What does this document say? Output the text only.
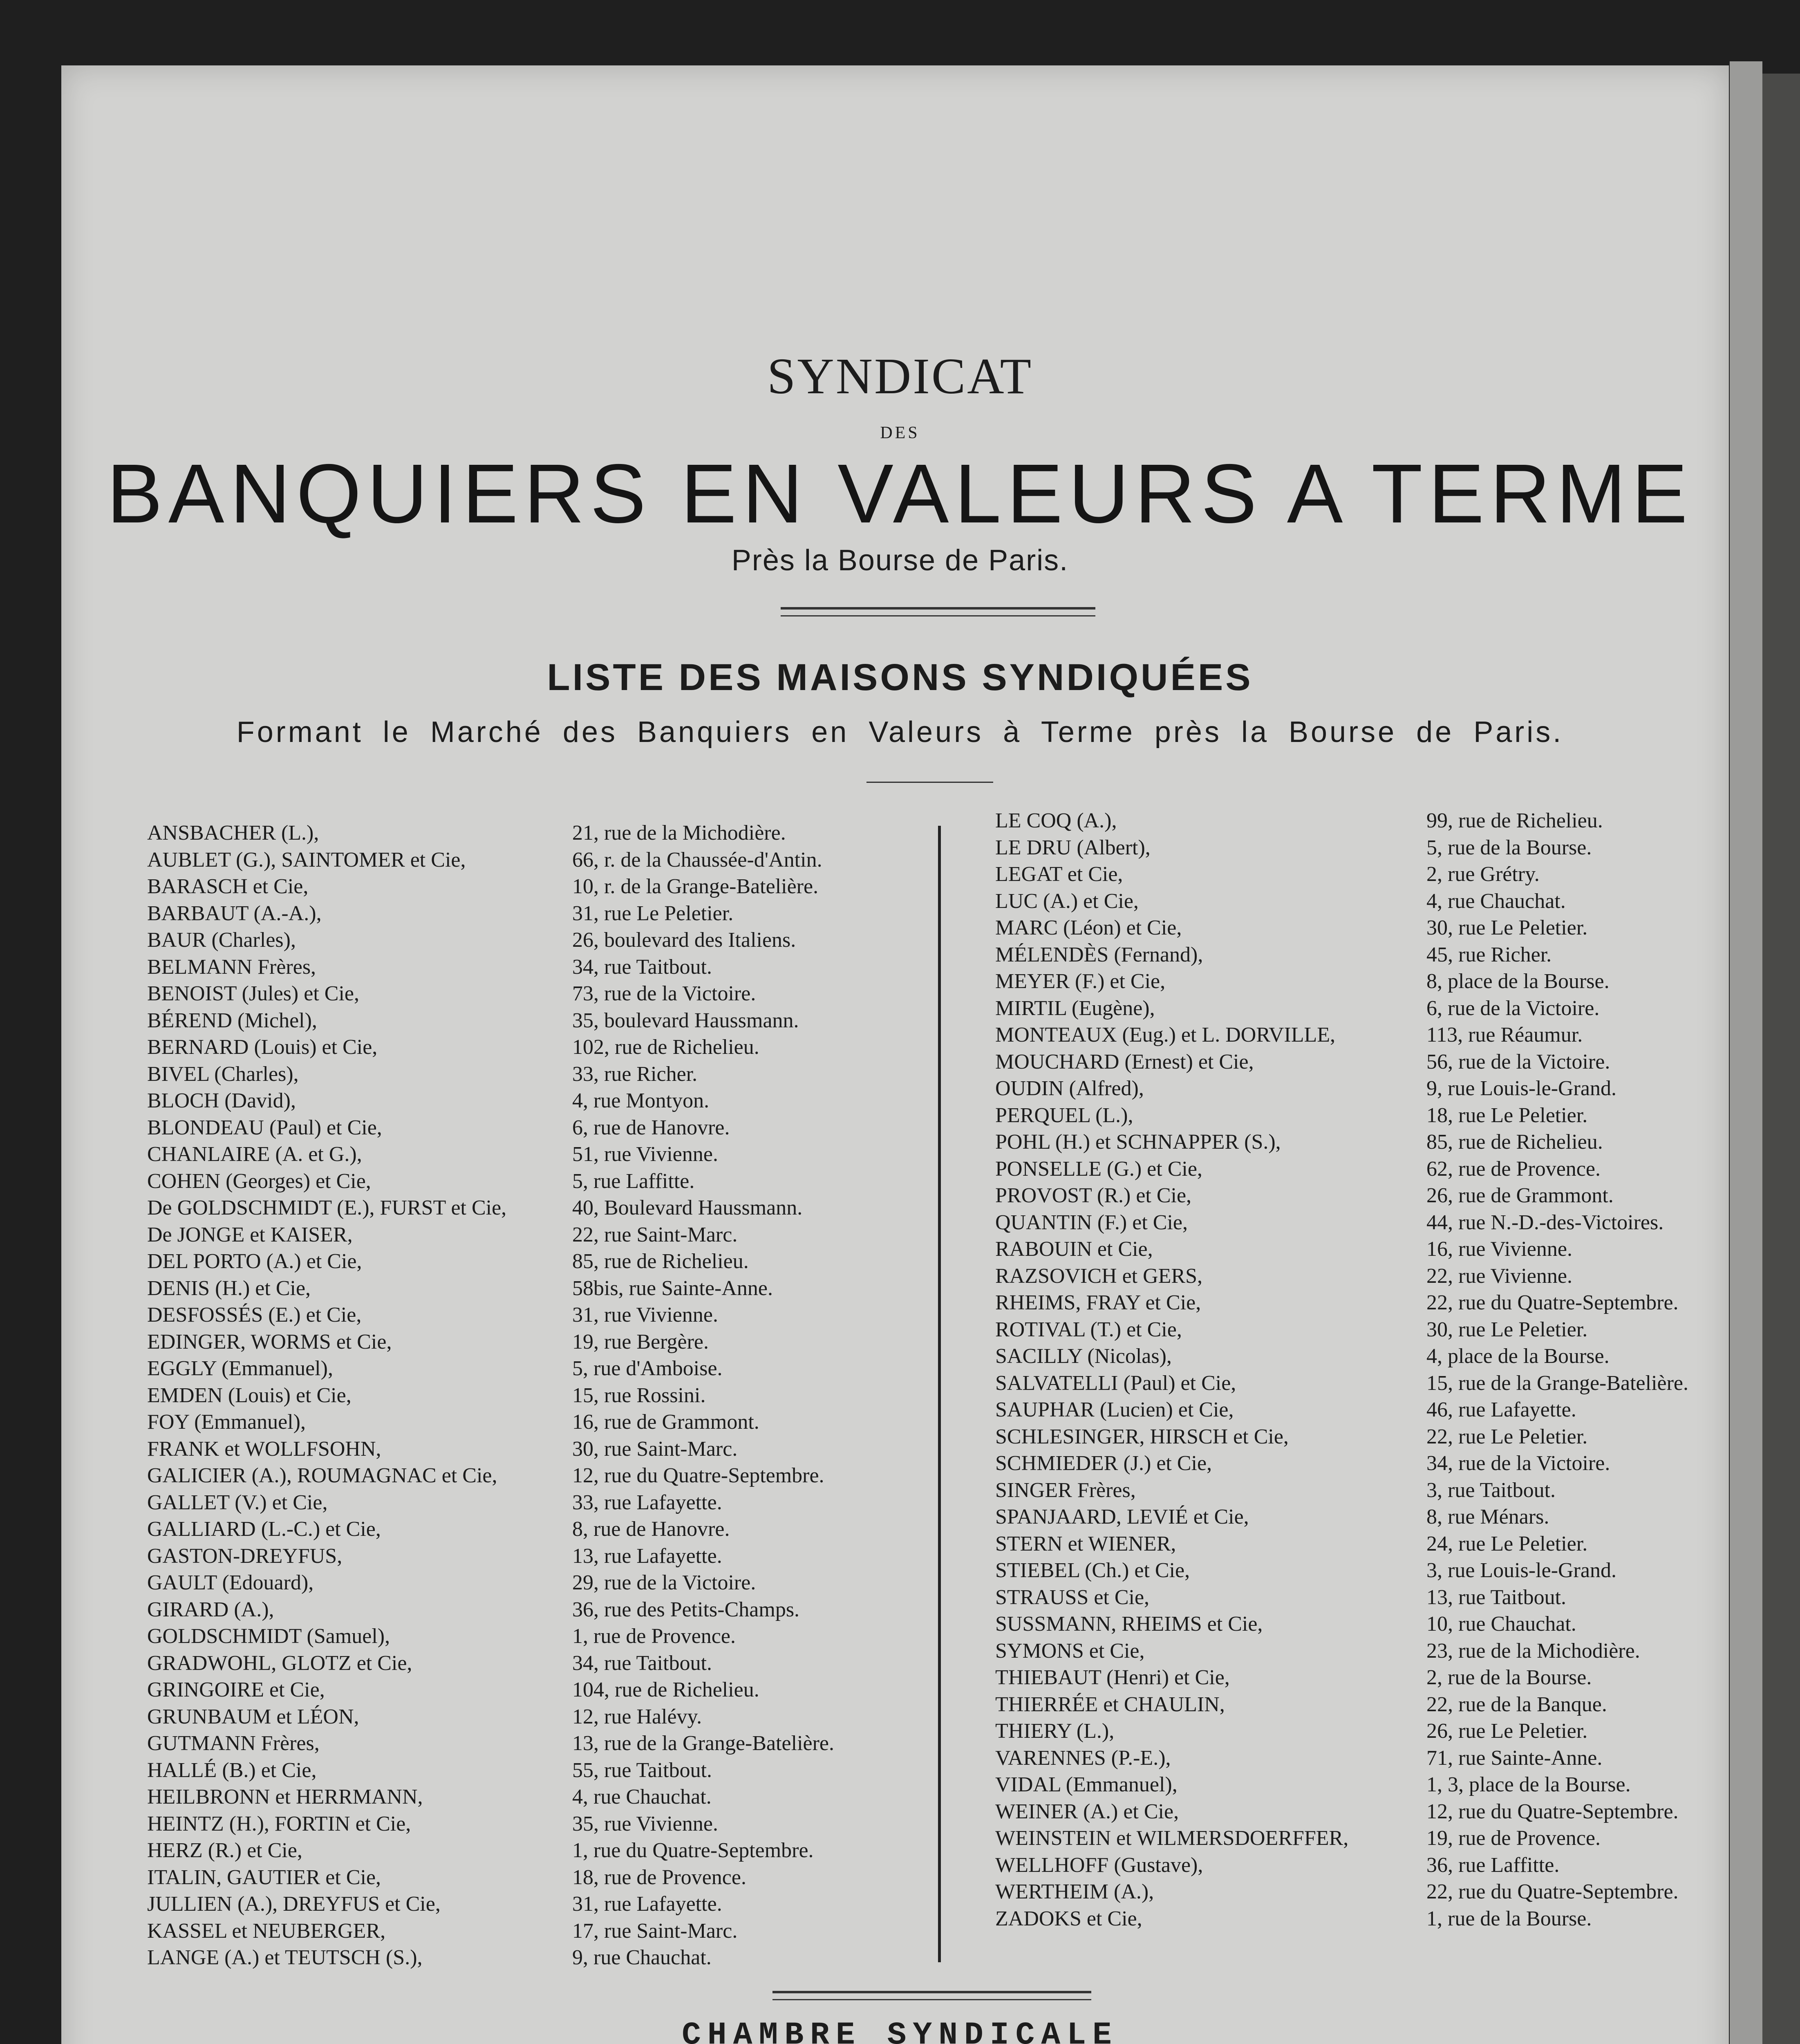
SYNDICAT
DES
BANQUIERS EN VALEURS A TERME
Près la Bourse de Paris.
LISTE DES MAISONS SYNDIQUÉES
Formant le Marché des Banquiers en Valeurs à Terme près la Bourse de Paris.
ANSBACHER (L.),	21, rue de la Michodière.
AUBLET (G.), SAINTOMER et Cie,	66, r. de la Chaussée-d'Antin.
BARASCH et Cie,	10, r. de la Grange-Batelière.
BARBAUT (A.-A.),	31, rue Le Peletier.
BAUR (Charles),	26, boulevard des Italiens.
BELMANN Frères,	34, rue Taitbout.
BENOIST (Jules) et Cie,	73, rue de la Victoire.
BÉREND (Michel),	35, boulevard Haussmann.
BERNARD (Louis) et Cie,	102, rue de Richelieu.
BIVEL (Charles),	33, rue Richer.
BLOCH (David),	4, rue Montyon.
BLONDEAU (Paul) et Cie,	6, rue de Hanovre.
CHANLAIRE (A. et G.),	51, rue Vivienne.
COHEN (Georges) et Cie,	5, rue Laffitte.
De GOLDSCHMIDT (E.), FURST et Cie,	40, Boulevard Haussmann.
De JONGE et KAISER,	22, rue Saint-Marc.
DEL PORTO (A.) et Cie,	85, rue de Richelieu.
DENIS (H.) et Cie,	58bis, rue Sainte-Anne.
DESFOSSÉS (E.) et Cie,	31, rue Vivienne.
EDINGER, WORMS et Cie,	19, rue Bergère.
EGGLY (Emmanuel),	5, rue d'Amboise.
EMDEN (Louis) et Cie,	15, rue Rossini.
FOY (Emmanuel),	16, rue de Grammont.
FRANK et WOLLFSOHN,	30, rue Saint-Marc.
GALICIER (A.), ROUMAGNAC et Cie,	12, rue du Quatre-Septembre.
GALLET (V.) et Cie,	33, rue Lafayette.
GALLIARD (L.-C.) et Cie,	8, rue de Hanovre.
GASTON-DREYFUS,	13, rue Lafayette.
GAULT (Edouard),	29, rue de la Victoire.
GIRARD (A.),	36, rue des Petits-Champs.
GOLDSCHMIDT (Samuel),	1, rue de Provence.
GRADWOHL, GLOTZ et Cie,	34, rue Taitbout.
GRINGOIRE et Cie,	104, rue de Richelieu.
GRUNBAUM et LÉON,	12, rue Halévy.
GUTMANN Frères,	13, rue de la Grange-Batelière.
HALLÉ (B.) et Cie,	55, rue Taitbout.
HEILBRONN et HERRMANN,	4, rue Chauchat.
HEINTZ (H.), FORTIN et Cie,	35, rue Vivienne.
HERZ (R.) et Cie,	1, rue du Quatre-Septembre.
ITALIN, GAUTIER et Cie,	18, rue de Provence.
JULLIEN (A.), DREYFUS et Cie,	31, rue Lafayette.
KASSEL et NEUBERGER,	17, rue Saint-Marc.
LANGE (A.) et TEUTSCH (S.),	9, rue Chauchat.
LE COQ (A.),	99, rue de Richelieu.
LE DRU (Albert),	5, rue de la Bourse.
LEGAT et Cie,	2, rue Grétry.
LUC (A.) et Cie,	4, rue Chauchat.
MARC (Léon) et Cie,	30, rue Le Peletier.
MÉLENDÈS (Fernand),	45, rue Richer.
MEYER (F.) et Cie,	8, place de la Bourse.
MIRTIL (Eugène),	6, rue de la Victoire.
MONTEAUX (Eug.) et L. DORVILLE,	113, rue Réaumur.
MOUCHARD (Ernest) et Cie,	56, rue de la Victoire.
OUDIN (Alfred),	9, rue Louis-le-Grand.
PERQUEL (L.),	18, rue Le Peletier.
POHL (H.) et SCHNAPPER (S.),	85, rue de Richelieu.
PONSELLE (G.) et Cie,	62, rue de Provence.
PROVOST (R.) et Cie,	26, rue de Grammont.
QUANTIN (F.) et Cie,	44, rue N.-D.-des-Victoires.
RABOUIN et Cie,	16, rue Vivienne.
RAZSOVICH et GERS,	22, rue Vivienne.
RHEIMS, FRAY et Cie,	22, rue du Quatre-Septembre.
ROTIVAL (T.) et Cie,	30, rue Le Peletier.
SACILLY (Nicolas),	4, place de la Bourse.
SALVATELLI (Paul) et Cie,	15, rue de la Grange-Batelière.
SAUPHAR (Lucien) et Cie,	46, rue Lafayette.
SCHLESINGER, HIRSCH et Cie,	22, rue Le Peletier.
SCHMIEDER (J.) et Cie,	34, rue de la Victoire.
SINGER Frères,	3, rue Taitbout.
SPANJAARD, LEVIÉ et Cie,	8, rue Ménars.
STERN et WIENER,	24, rue Le Peletier.
STIEBEL (Ch.) et Cie,	3, rue Louis-le-Grand.
STRAUSS et Cie,	13, rue Taitbout.
SUSSMANN, RHEIMS et Cie,	10, rue Chauchat.
SYMONS et Cie,	23, rue de la Michodière.
THIEBAUT (Henri) et Cie,	2, rue de la Bourse.
THIERRÉE et CHAULIN,	22, rue de la Banque.
THIERY (L.),	26, rue Le Peletier.
VARENNES (P.-E.),	71, rue Sainte-Anne.
VIDAL (Emmanuel),	1, 3, place de la Bourse.
WEINER (A.) et Cie,	12, rue du Quatre-Septembre.
WEINSTEIN et WILMERSDOERFFER,	19, rue de Provence.
WELLHOFF (Gustave),	36, rue Laffitte.
WERTHEIM (A.),	22, rue du Quatre-Septembre.
ZADOKS et Cie,	1, rue de la Bourse.
CHAMBRE SYNDICALE
